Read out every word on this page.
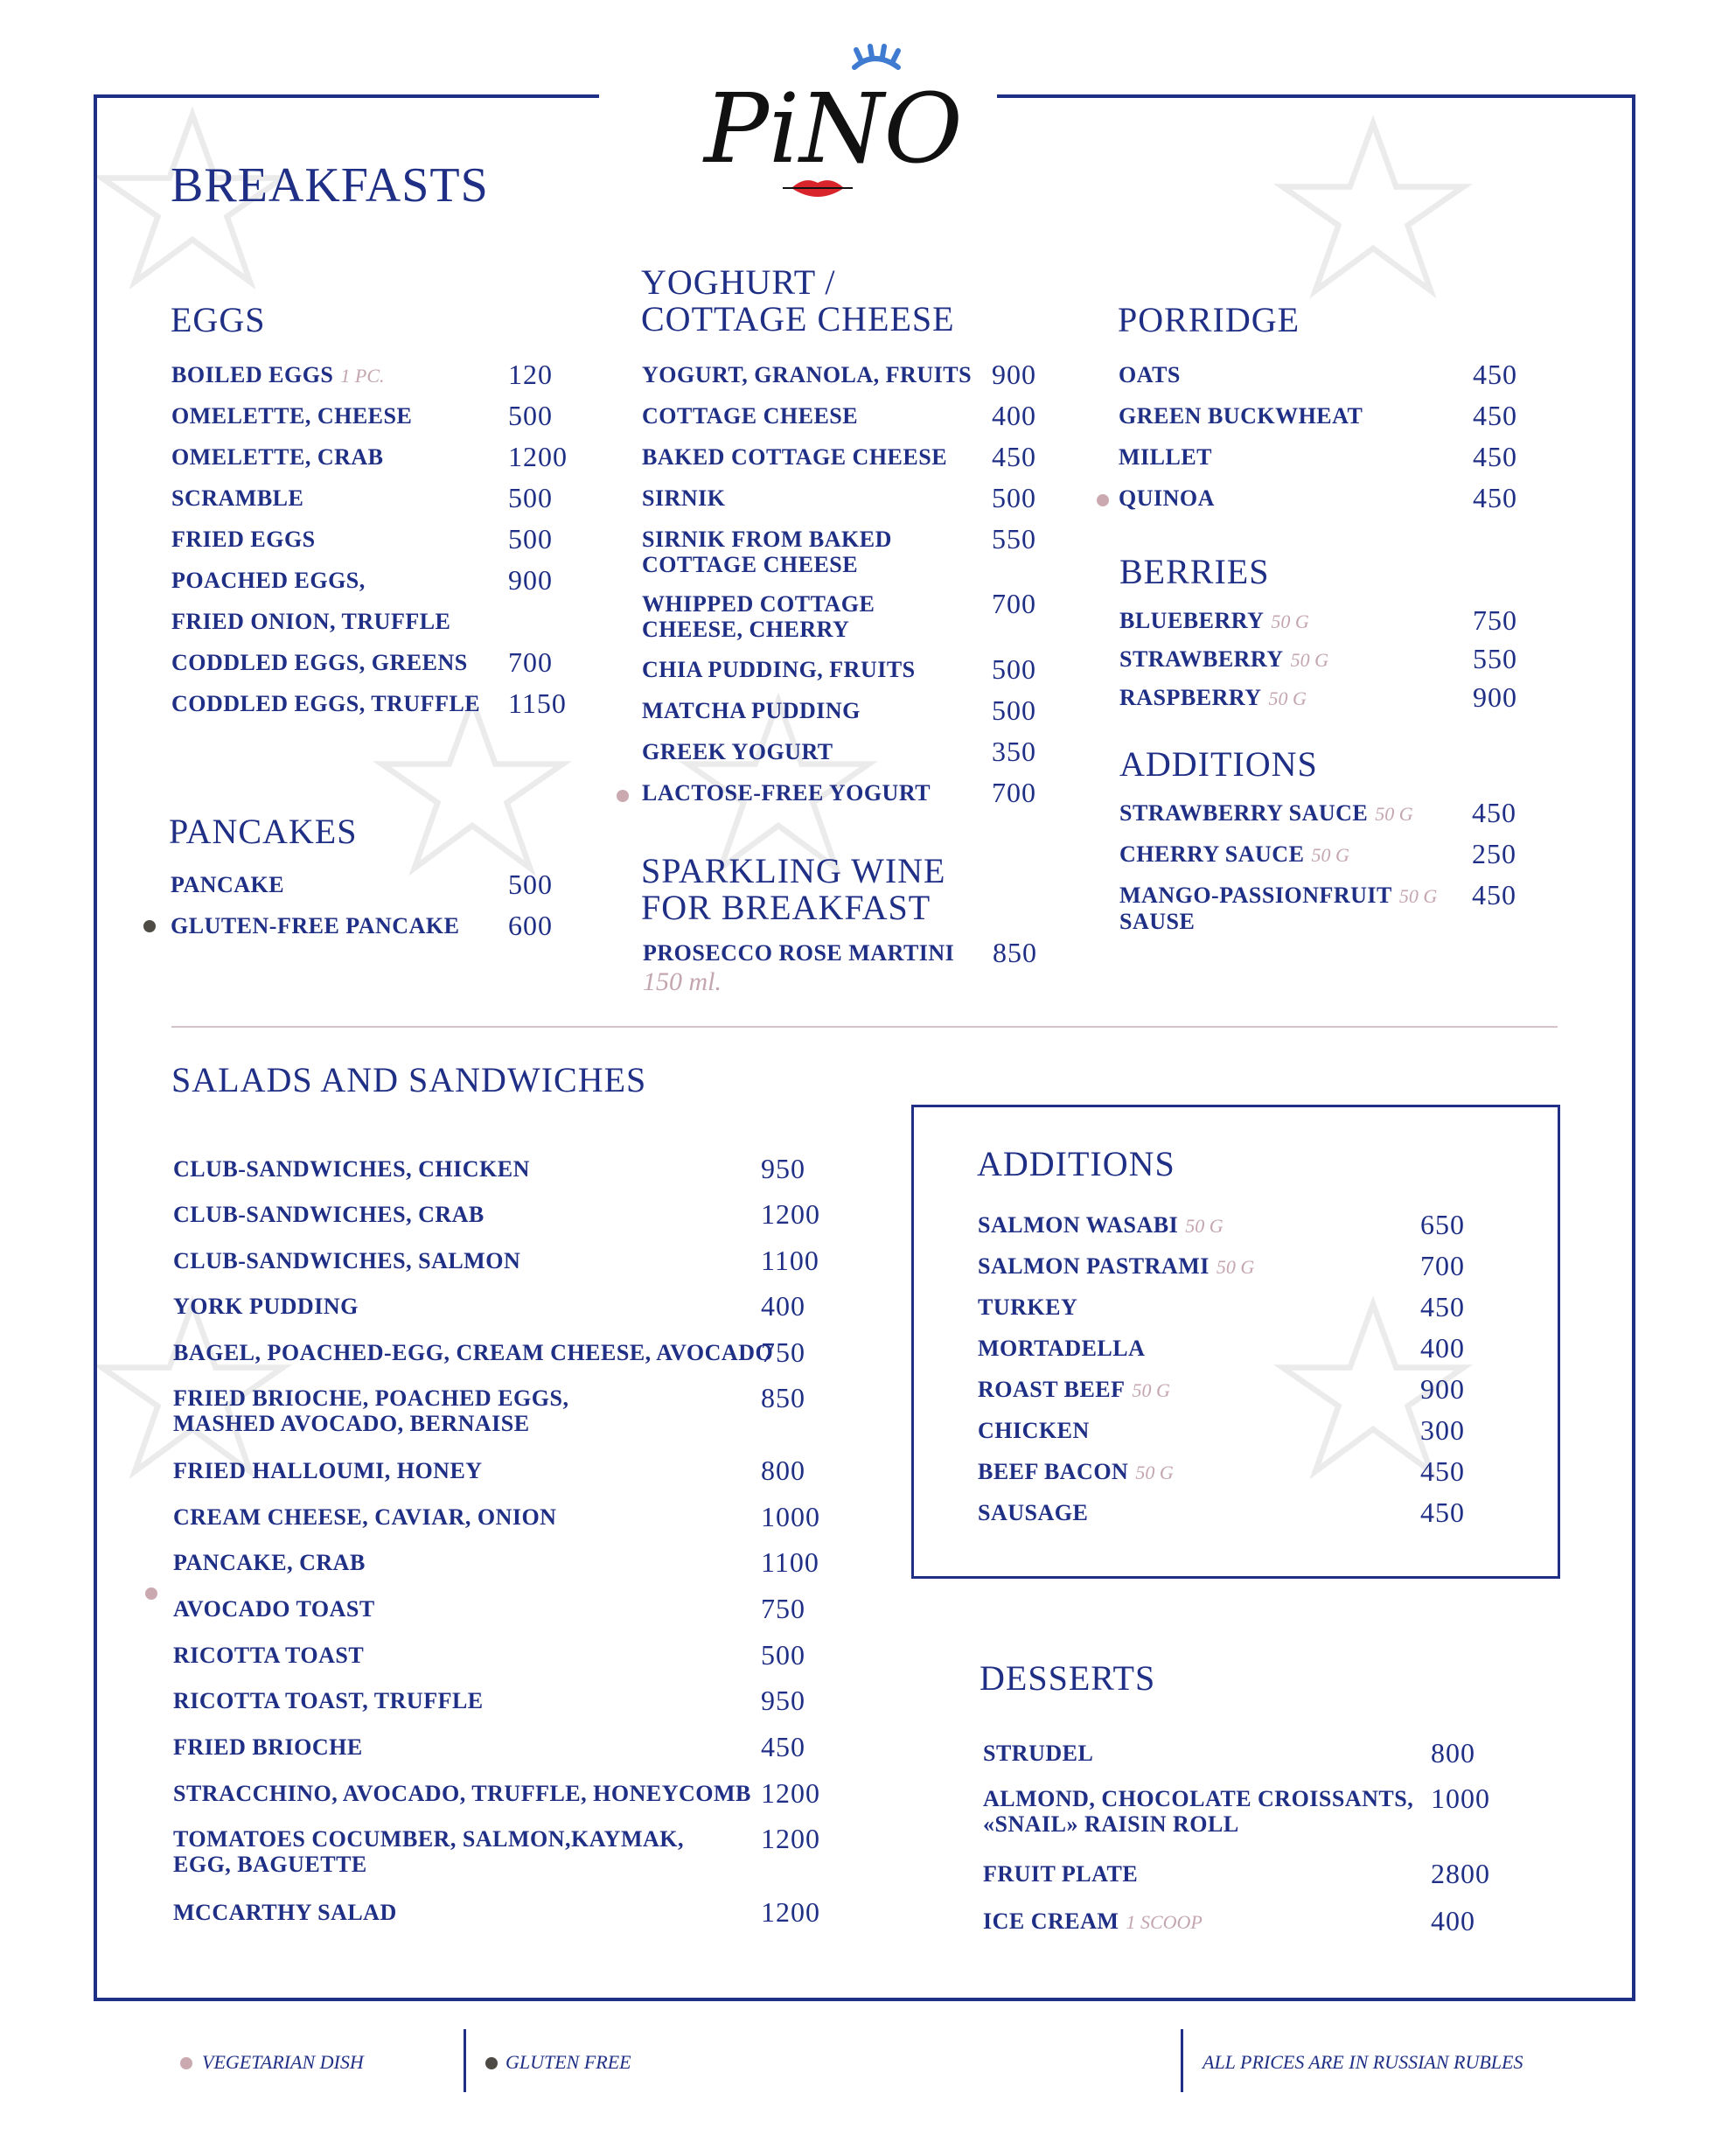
PiNO
BREAKFASTS
EGGS
BOILED EGGS 1 PC.	120
OMELETTE, CHEESE	500
OMELETTE, CRAB	1200
SCRAMBLE	500
FRIED EGGS	500
POACHED EGGS,	900
FRIED ONION, TRUFFLE
CODDLED EGGS, GREENS 700
CODDLED EGGS, TRUFFLE 1150
PANCAKES
PANCAKE	500
GLUTEN-FREE PANCAKE 600
YOGHURT /
COTTAGE CHEESE
YOGURT, GRANOLA, FRUITS 900
COTTAGE CHEESE	400
BAKED COTTAGE CHEESE 450
SIRNIK	500
SIRNIK FROM BAKED
COTTAGE CHEESE
550
WHIPPED COTTAGE
CHEESE, CHERRY
700
CHIA PUDDING, FRUITS	500
MATCHA PUDDING	500
GREEK YOGURT	350
LACTOSE-FREE YOGURT 700
SPARKLING WINE
FOR BREAKFAST
PROSECCO ROSE MARTINI
150 ml.
850
PORRIDGE
OATS	450
GREEN BUCKWHEAT	450
MILLET	450
QUINOA	450
BERRIES
BLUEBERRY 50 G	750
STRAWBERRY 50 G	550
RASPBERRY 50 G	900
ADDITIONS
STRAWBERRY SAUCE 50 G 450
CHERRY SAUCE 50 G	250
MANGO-PASSIONFRUIT 50 G
SAUSE
450
SALADS AND SANDWICHES
CLUB-SANDWICHES, CHICKEN	950
CLUB-SANDWICHES, CRAB	1200
CLUB-SANDWICHES, SALMON	1100
YORK PUDDING	400
BAGEL, POACHED-EGG, CREAM CHEESE, AVOCADO
750
FRIED BRIOCHE, POACHED EGGS,
MASHED AVOCADO, BERNAISE
850
FRIED HALLOUMI, HONEY	800
CREAM CHEESE, CAVIAR, ONION	1000
PANCAKE, CRAB	1100
AVOCADO TOAST	750
RICOTTA TOAST	500
RICOTTA TOAST, TRUFFLE	950
FRIED BRIOCHE	450
STRACCHINO, AVOCADO, TRUFFLE, HONEYCOMB 1200
TOMATOES COCUMBER, SALMON,KAYMAK,
EGG, BAGUETTE
1200
MCCARTHY SALAD	1200
ADDITIONS
SALMON WASABI 50 G	650
SALMON PASTRAMI 50 G	700
TURKEY	450
MORTADELLA	400
ROAST BEEF 50 G	900
CHICKEN	300
BEEF BACON 50 G	450
SAUSAGE	450
DESSERTS
STRUDEL	800
ALMOND, CHOCOLATE CROISSANTS,
«SNAIL» RAISIN ROLL
1000
FRUIT PLATE	2800
ICE CREAM 1 SCOOP	400
VEGETARIAN DISH	GLUTEN FREE	ALL PRICES ARE IN RUSSIAN RUBLES
